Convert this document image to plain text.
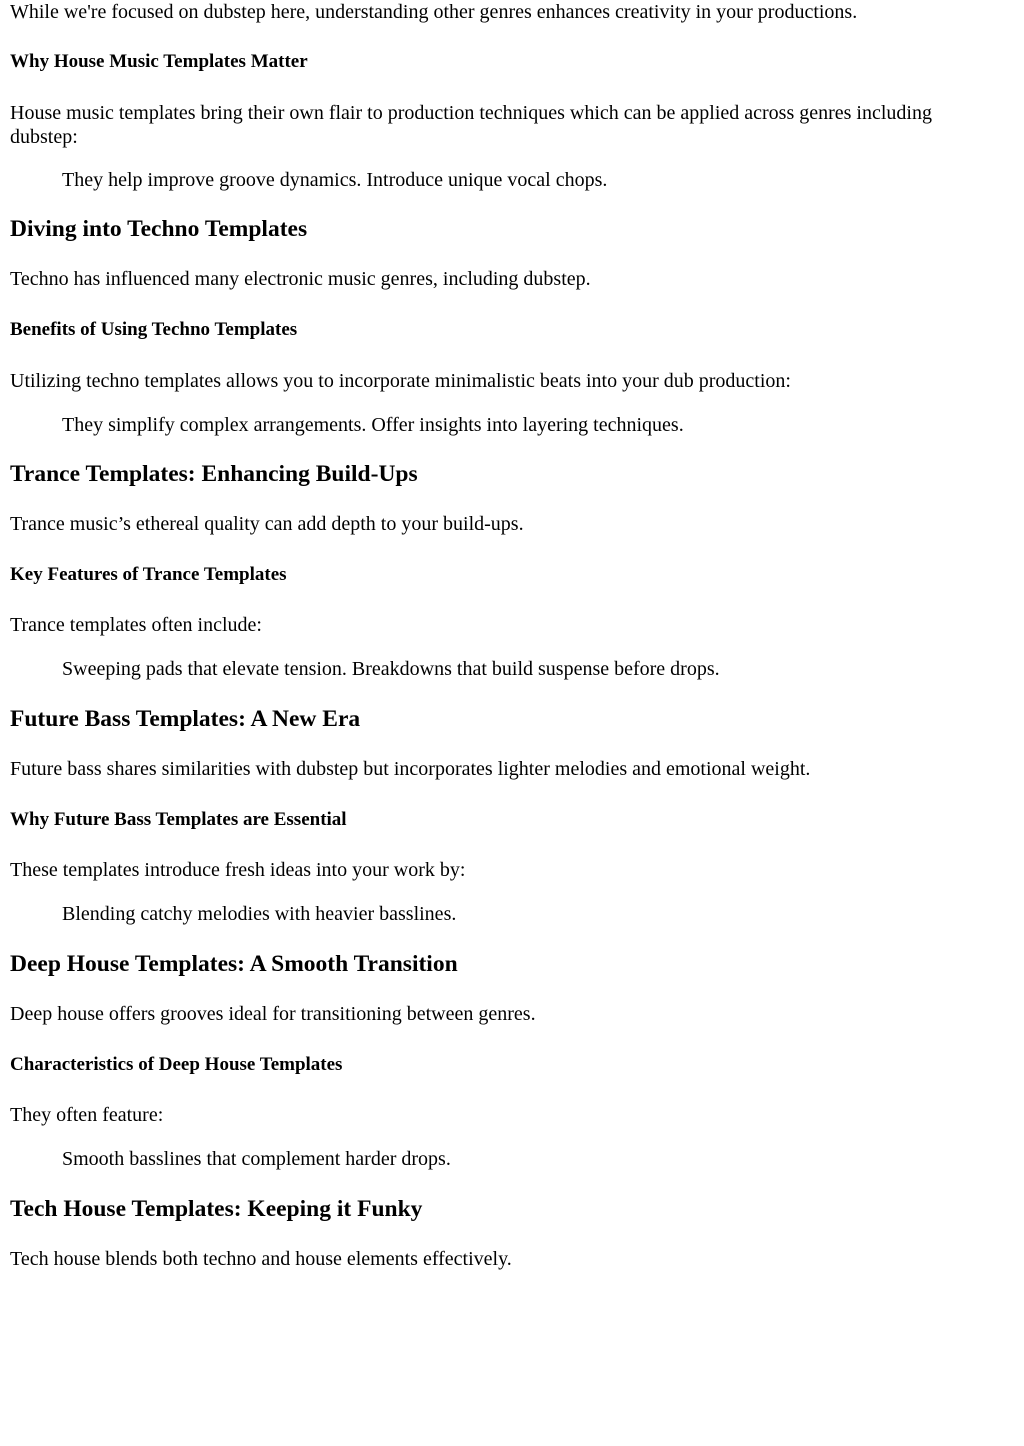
While we're focused on dubstep here, understanding other genres enhances creativity in your productions.

Why House Music Templates Matter

House music templates bring their own flair to production techniques which can be applied across genres including dubstep:

They help improve groove dynamics. Introduce unique vocal chops.
Diving into Techno Templates

Techno has influenced many electronic music genres, including dubstep.

Benefits of Using Techno Templates

Utilizing techno templates allows you to incorporate minimalistic beats into your dub production:

They simplify complex arrangements. Offer insights into layering techniques.
Trance Templates: Enhancing Build-Ups

Trance music’s ethereal quality can add depth to your build-ups.

Key Features of Trance Templates

Trance templates often include:

Sweeping pads that elevate tension. Breakdowns that build suspense before drops.
Future Bass Templates: A New Era

Future bass shares similarities with dubstep but incorporates lighter melodies and emotional weight.

Why Future Bass Templates are Essential

These templates introduce fresh ideas into your work by:

Blending catchy melodies with heavier basslines.
Deep House Templates: A Smooth Transition

Deep house offers grooves ideal for transitioning between genres.

Characteristics of Deep House Templates

They often feature:

Smooth basslines that complement harder drops.
Tech House Templates: Keeping it Funky

Tech house blends both techno and house elements effectively.
